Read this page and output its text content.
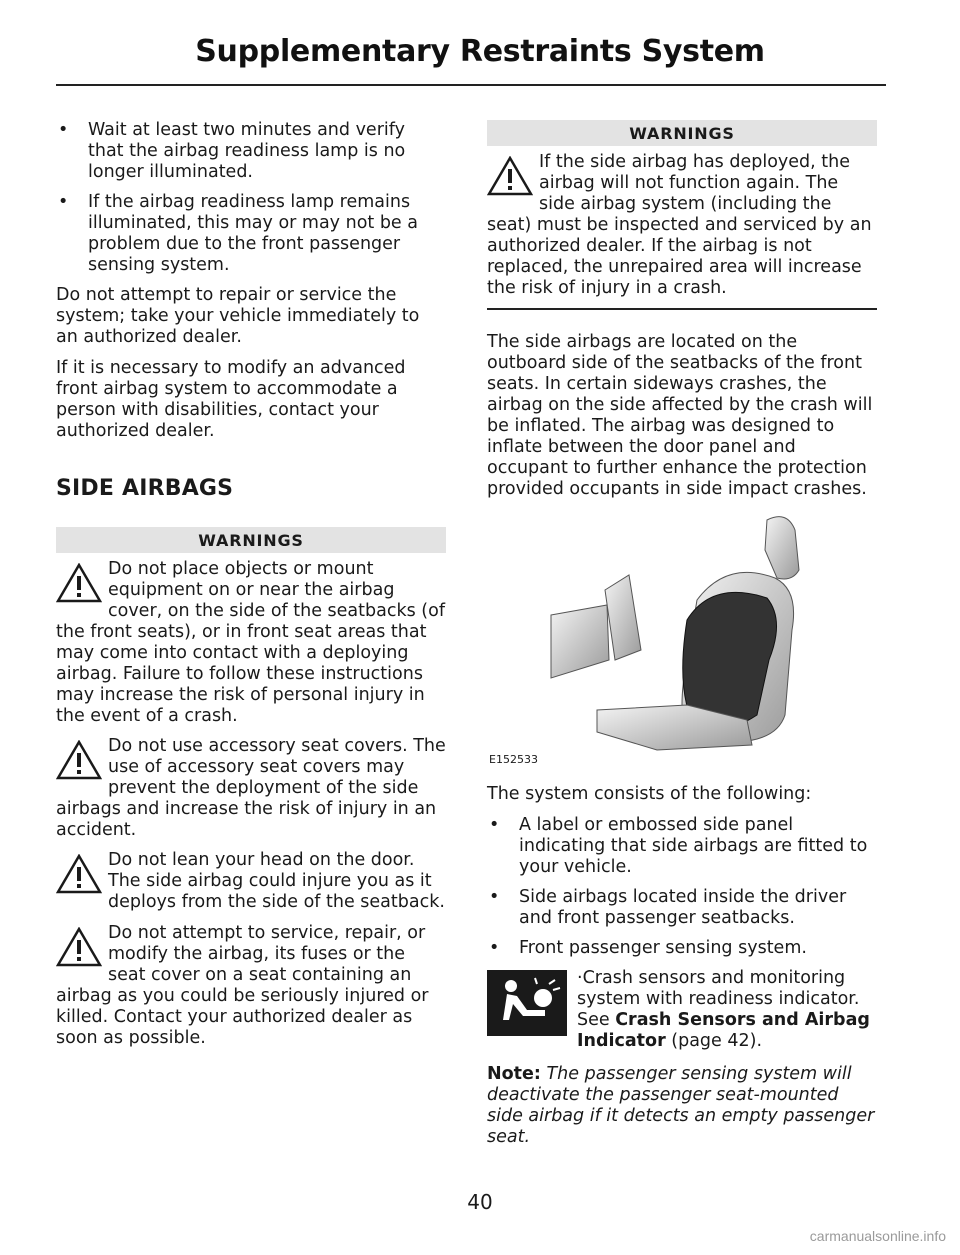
Supplementary Restraints System
• Wait at least two minutes and verify that the airbag readiness lamp is no longer illuminated.
• If the airbag readiness lamp remains illuminated, this may or may not be a problem due to the front passenger sensing system.

Do not attempt to repair or service the system; take your vehicle immediately to an authorized dealer.

If it is necessary to modify an advanced front airbag system to accommodate a person with disabilities, contact your authorized dealer.

SIDE AIRBAGS
WARNINGS
Do not place objects or mount equipment on or near the airbag cover, on the side of the seatbacks (of the front seats), or in front seat areas that may come into contact with a deploying airbag. Failure to follow these instructions may increase the risk of personal injury in the event of a crash.
Do not use accessory seat covers. The use of accessory seat covers may prevent the deployment of the side airbags and increase the risk of injury in an accident.
Do not lean your head on the door. The side airbag could injure you as it deploys from the side of the seatback.
Do not attempt to service, repair, or modify the airbag, its fuses or the seat cover on a seat containing an airbag as you could be seriously injured or killed. Contact your authorized dealer as soon as possible.
WARNINGS
If the side airbag has deployed, the airbag will not function again. The side airbag system (including the seat) must be inspected and serviced by an authorized dealer. If the airbag is not replaced, the unrepaired area will increase the risk of injury in a crash.

The side airbags are located on the outboard side of the seatbacks of the front seats. In certain sideways crashes, the airbag on the side affected by the crash will be inflated. The airbag was designed to inflate between the door panel and occupant to further enhance the protection provided occupants in side impact crashes.

E152533

The system consists of the following:

• A label or embossed side panel indicating that side airbags are fitted to your vehicle.
• Side airbags located inside the driver and front passenger seatbacks.
• Front passenger sensing system.
·Crash sensors and monitoring system with readiness indicator. See Crash Sensors and Airbag Indicator (page 42).

Note: The passenger sensing system will deactivate the passenger seat-mounted side airbag if it detects an empty passenger seat.

40
carmanualsonline.info
